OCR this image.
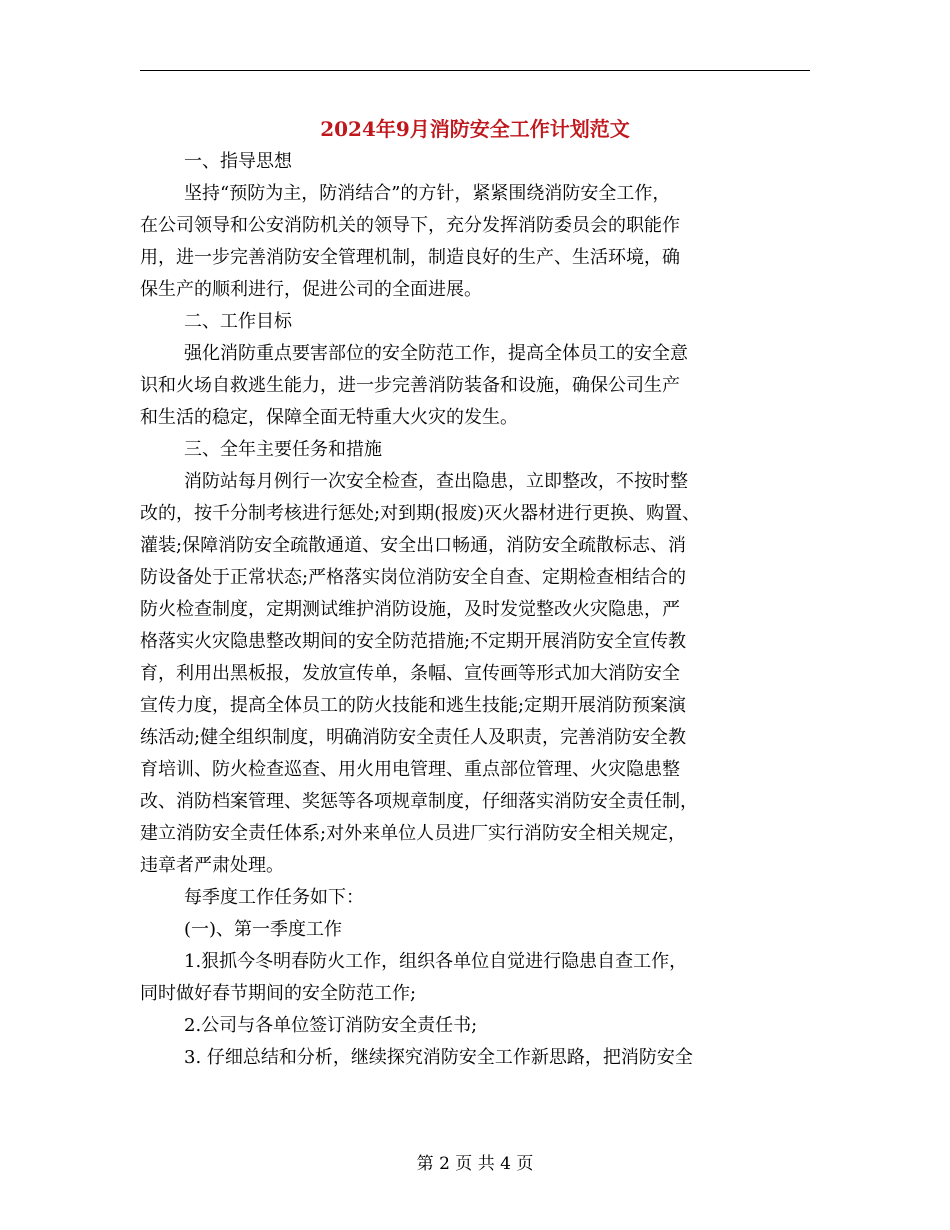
2024年9月消防安全工作计划范文

一、指导思想

坚持“预防为主，防消结合”的方针，紧紧围绕消防安全工作，

在公司领导和公安消防机关的领导下，充分发挥消防委员会的职能作

用，进一步完善消防安全管理机制，制造良好的生产、生活环境，确

保生产的顺利进行，促进公司的全面进展。

二、工作目标

强化消防重点要害部位的安全防范工作，提高全体员工的安全意

识和火场自救逃生能力，进一步完善消防装备和设施，确保公司生产

和生活的稳定，保障全面无特重大火灾的发生。

三、全年主要任务和措施

消防站每月例行一次安全检查，查出隐患，立即整改，不按时整

改的，按千分制考核进行惩处;对到期(报废)灭火器材进行更换、购置、

灌装;保障消防安全疏散通道、安全出口畅通，消防安全疏散标志、消

防设备处于正常状态;严格落实岗位消防安全自查、定期检查相结合的

防火检查制度，定期测试维护消防设施，及时发觉整改火灾隐患，严

格落实火灾隐患整改期间的安全防范措施;不定期开展消防安全宣传教

育，利用出黑板报，发放宣传单，条幅、宣传画等形式加大消防安全

宣传力度，提高全体员工的防火技能和逃生技能;定期开展消防预案演

练活动;健全组织制度，明确消防安全责任人及职责，完善消防安全教

育培训、防火检查巡查、用火用电管理、重点部位管理、火灾隐患整

改、消防档案管理、奖惩等各项规章制度，仔细落实消防安全责任制，

建立消防安全责任体系;对外来单位人员进厂实行消防安全相关规定，

违章者严肃处理。

每季度工作任务如下：

(一)、第一季度工作

1.狠抓今冬明春防火工作，组织各单位自觉进行隐患自查工作，

同时做好春节期间的安全防范工作;

2.公司与各单位签订消防安全责任书;

3. 仔细总结和分析，继续探究消防安全工作新思路，把消防安全

第 2 页 共 4 页
